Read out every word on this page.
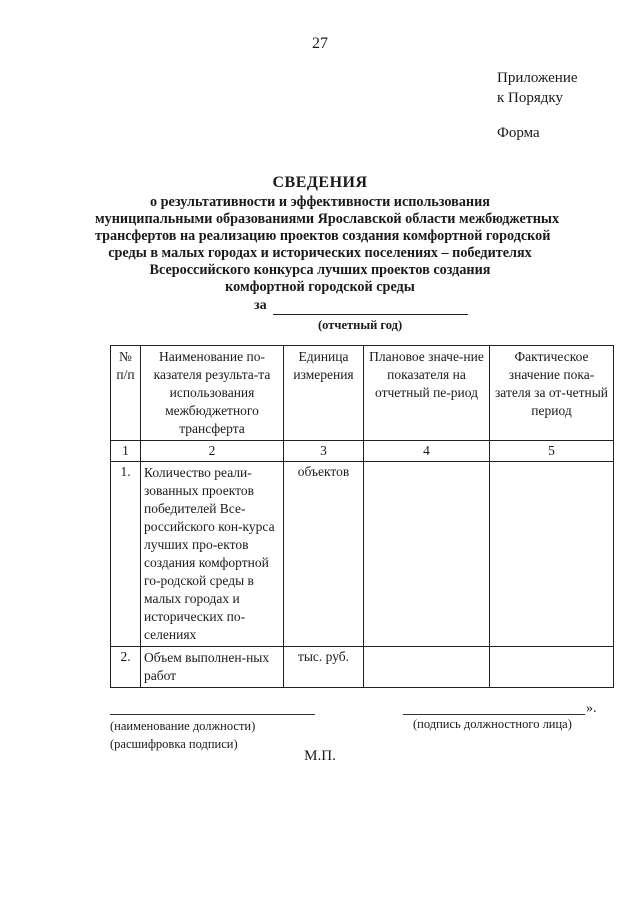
27
Приложение
к Порядку
Форма
СВЕДЕНИЯ
о результативности и эффективности использования
муниципальными образованиями Ярославской области межбюджетных
трансфертов на реализацию проектов создания комфортной городской
среды в малых городах и исторических поселениях – победителях
Всероссийского конкурса лучших проектов создания
комфортной городской среды
за
(отчетный год)
№ п/п	Наименование по-казателя результа-та использования межбюджетного трансферта	Единица измерения	Плановое значе-ние показателя на отчетный пе-риод	Фактическое значение пока-зателя за от-четный период
1	2	3	4	5
1.	Количество реали-зованных проектов победителей Все-российского кон-курса лучших про-ектов создания комфортной го-родской среды в малых городах и исторических по-селениях	объектов		
2.	Объем выполнен-ных работ	тыс. руб.		
».
(наименование должности)
(расшифровка подписи)
(подпись должностного лица)
М.П.
